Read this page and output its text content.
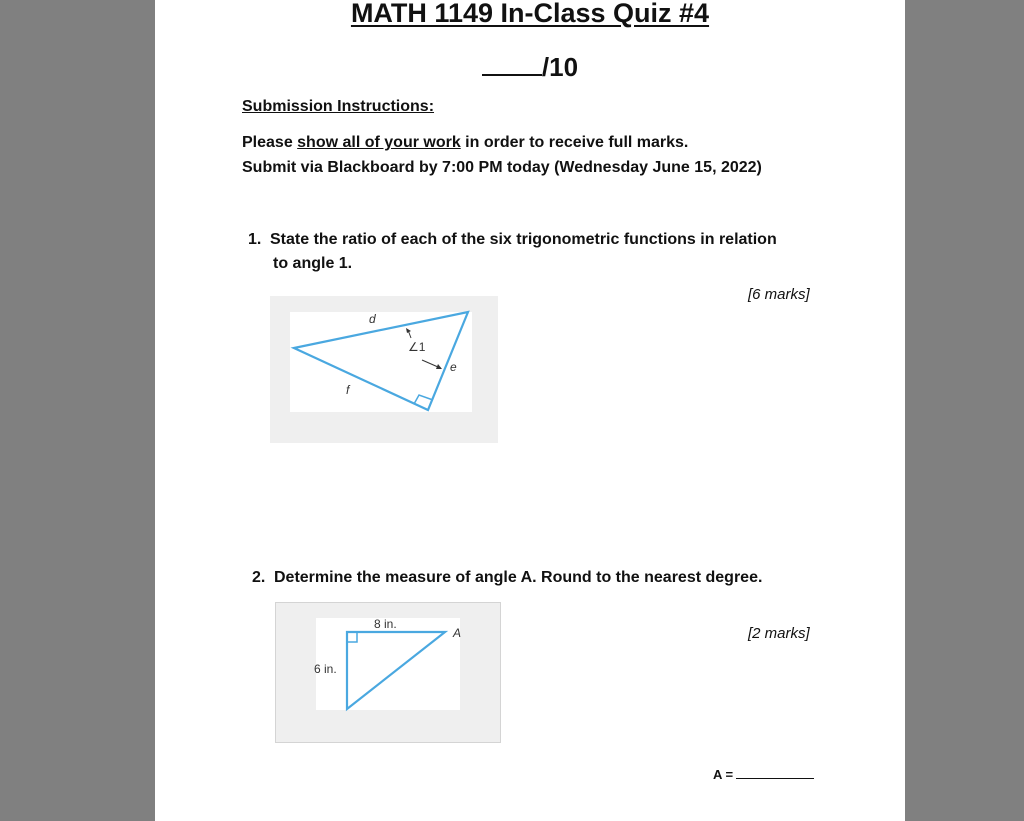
MATH 1149 In-Class Quiz #4
/10
Submission Instructions:
Please show all of your work in order to receive full marks.
Submit via Blackboard by 7:00 PM today (Wednesday June 15, 2022)
1. State the ratio of each of the six trigonometric functions in relation
to angle 1.
[6 marks]
d
e
f
∠1
2. Determine the measure of angle A. Round to the nearest degree.
[2 marks]
8 in.
6 in.
A
A =
